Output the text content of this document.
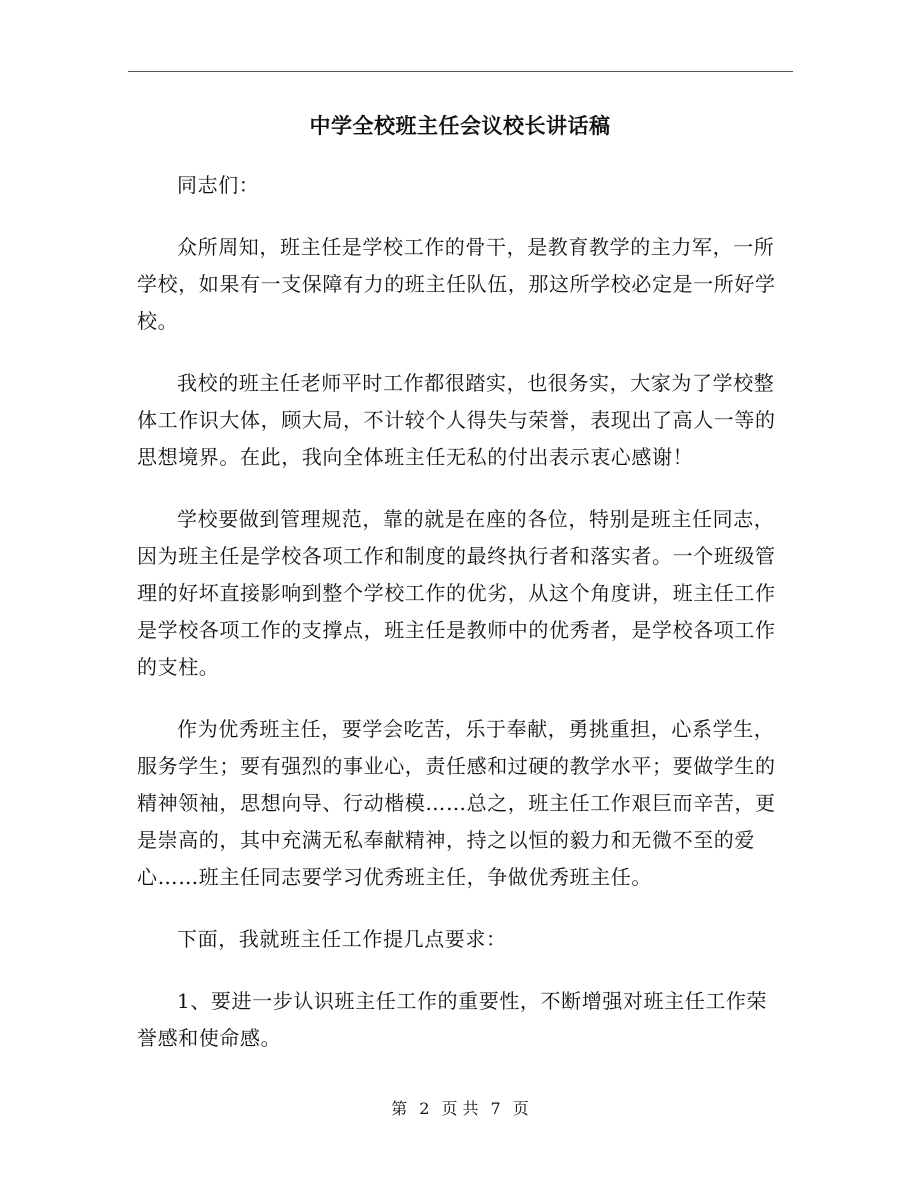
中学全校班主任会议校长讲话稿

同志们：

众所周知，班主任是学校工作的骨干，是教育教学的主力军，一所
学校，如果有一支保障有力的班主任队伍，那这所学校必定是一所好学
校。

我校的班主任老师平时工作都很踏实，也很务实，大家为了学校整
体工作识大体，顾大局，不计较个人得失与荣誉，表现出了高人一等的
思想境界。在此，我向全体班主任无私的付出表示衷心感谢！

学校要做到管理规范，靠的就是在座的各位，特别是班主任同志，
因为班主任是学校各项工作和制度的最终执行者和落实者。一个班级管
理的好坏直接影响到整个学校工作的优劣，从这个角度讲，班主任工作
是学校各项工作的支撑点，班主任是教师中的优秀者，是学校各项工作
的支柱。

作为优秀班主任，要学会吃苦，乐于奉献，勇挑重担，心系学生，
服务学生；要有强烈的事业心，责任感和过硬的教学水平；要做学生的
精神领袖，思想向导、行动楷模……总之，班主任工作艰巨而辛苦，更
是崇高的，其中充满无私奉献精神，持之以恒的毅力和无微不至的爱
心……班主任同志要学习优秀班主任，争做优秀班主任。

下面，我就班主任工作提几点要求：

1、要进一步认识班主任工作的重要性，不断增强对班主任工作荣
誉感和使命感。

第 2 页 共 7 页
